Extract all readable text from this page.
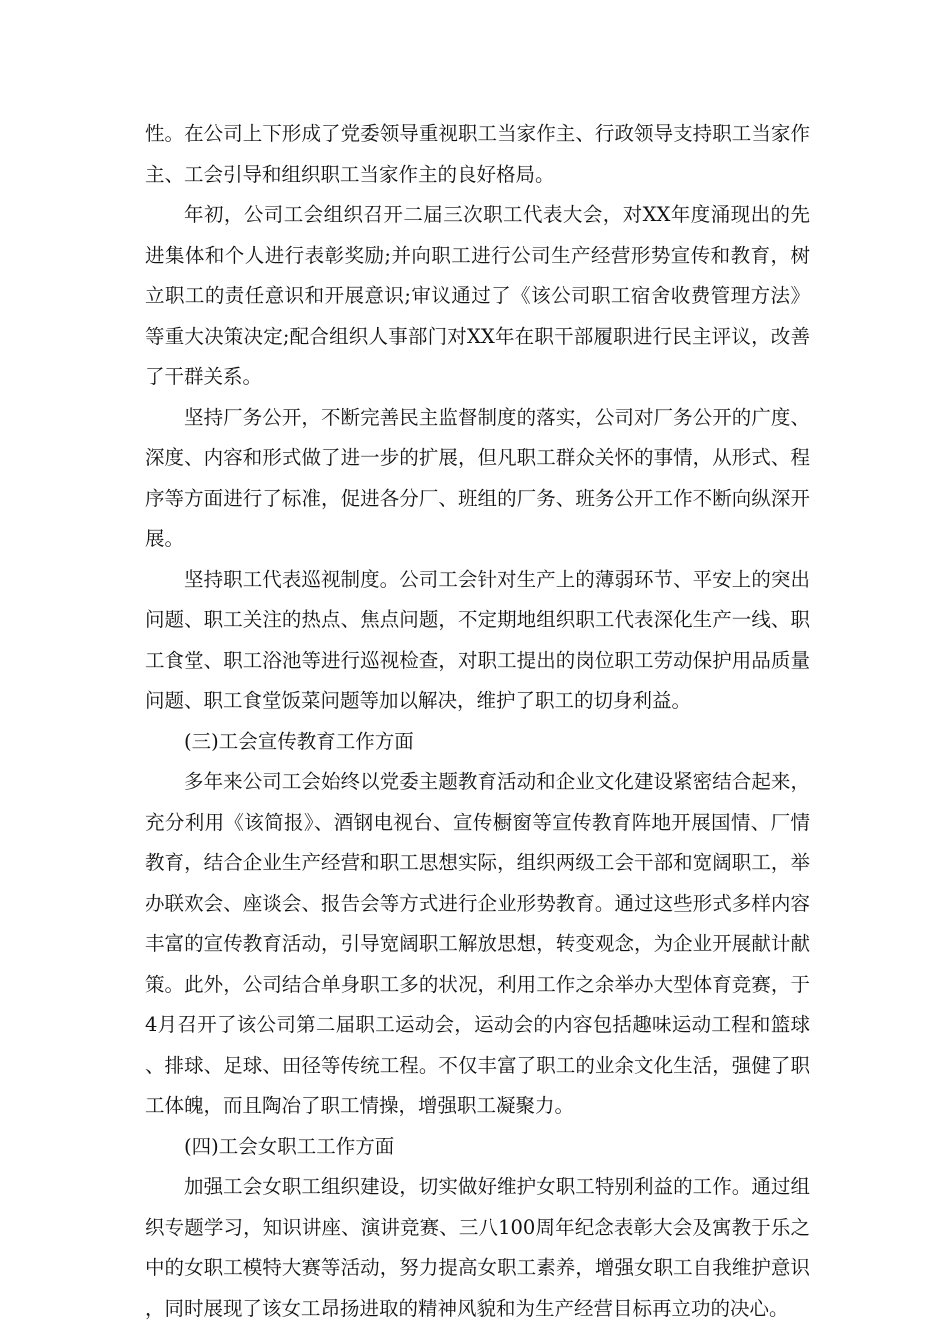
性。在公司上下形成了党委领导重视职工当家作主、行政领导支持职工当家作主、工会引导和组织职工当家作主的良好格局。

年初，公司工会组织召开二届三次职工代表大会，对XX年度涌现出的先进集体和个人进行表彰奖励;并向职工进行公司生产经营形势宣传和教育，树立职工的责任意识和开展意识;审议通过了《该公司职工宿舍收费管理方法》等重大决策决定;配合组织人事部门对XX年在职干部履职进行民主评议，改善了干群关系。

坚持厂务公开，不断完善民主监督制度的落实，公司对厂务公开的广度、深度、内容和形式做了进一步的扩展，但凡职工群众关怀的事情，从形式、程序等方面进行了标准，促进各分厂、班组的厂务、班务公开工作不断向纵深开展。

坚持职工代表巡视制度。公司工会针对生产上的薄弱环节、平安上的突出问题、职工关注的热点、焦点问题，不定期地组织职工代表深化生产一线、职工食堂、职工浴池等进行巡视检查，对职工提出的岗位职工劳动保护用品质量问题、职工食堂饭菜问题等加以解决，维护了职工的切身利益。

(三)工会宣传教育工作方面

多年来公司工会始终以党委主题教育活动和企业文化建设紧密结合起来，充分利用《该简报》、酒钢电视台、宣传橱窗等宣传教育阵地开展国情、厂情教育，结合企业生产经营和职工思想实际，组织两级工会干部和宽阔职工，举办联欢会、座谈会、报告会等方式进行企业形势教育。通过这些形式多样内容丰富的宣传教育活动，引导宽阔职工解放思想，转变观念，为企业开展献计献策。此外，公司结合单身职工多的状况，利用工作之余举办大型体育竞赛，于4月召开了该公司第二届职工运动会，运动会的内容包括趣味运动工程和篮球、排球、足球、田径等传统工程。不仅丰富了职工的业余文化生活，强健了职工体魄，而且陶冶了职工情操，增强职工凝聚力。

(四)工会女职工工作方面

加强工会女职工组织建设，切实做好维护女职工特别利益的工作。通过组织专题学习，知识讲座、演讲竞赛、三八100周年纪念表彰大会及寓教于乐之中的女职工模特大赛等活动，努力提高女职工素养，增强女职工自我维护意识，同时展现了该女工昂扬进取的精神风貌和为生产经营目标再立功的决心。
